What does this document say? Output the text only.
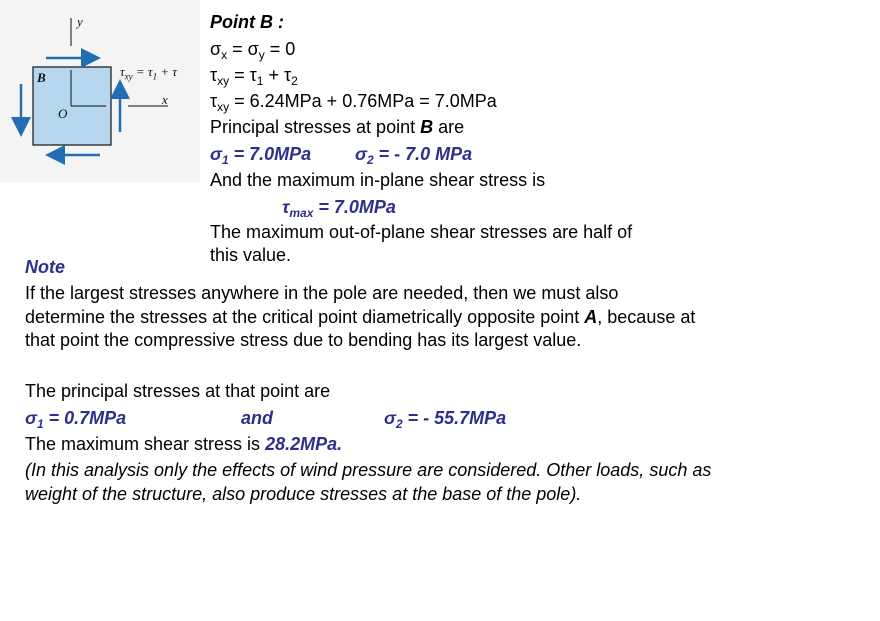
y
x
B
O
$\tau_{xy} = \tau_1 + \tau$
Point B :
$\sigma_x = \sigma_y = 0$
$\tau_{xy} = \tau_1 + \tau_2$
$\tau_{xy} = 6.24MPa + 0.76MPa = 7.0MPa$
Principal stresses at point B are
$\sigma_1 = 7.0MPa$ $\sigma_2$ = - 7.0 MPa
And the maximum in-plane shear stress is
$\tau_{max} = 7.0MPa$
The maximum out-of-plane shear stresses are half of
this value.
Note
If the largest stresses anywhere in the pole are needed, then we must also determine the stresses at the critical point diametrically opposite point A, because at that point the compressive stress due to bending has its largest value.
The principal stresses at that point are
$\sigma_1 = 0.7MPa$	and	$\sigma_2$ = - 55.7MPa
The maximum shear stress is 28.2MPa.
(In this analysis only the effects of wind pressure are considered. Other loads, such as weight of the structure, also produce stresses at the base of the pole).
